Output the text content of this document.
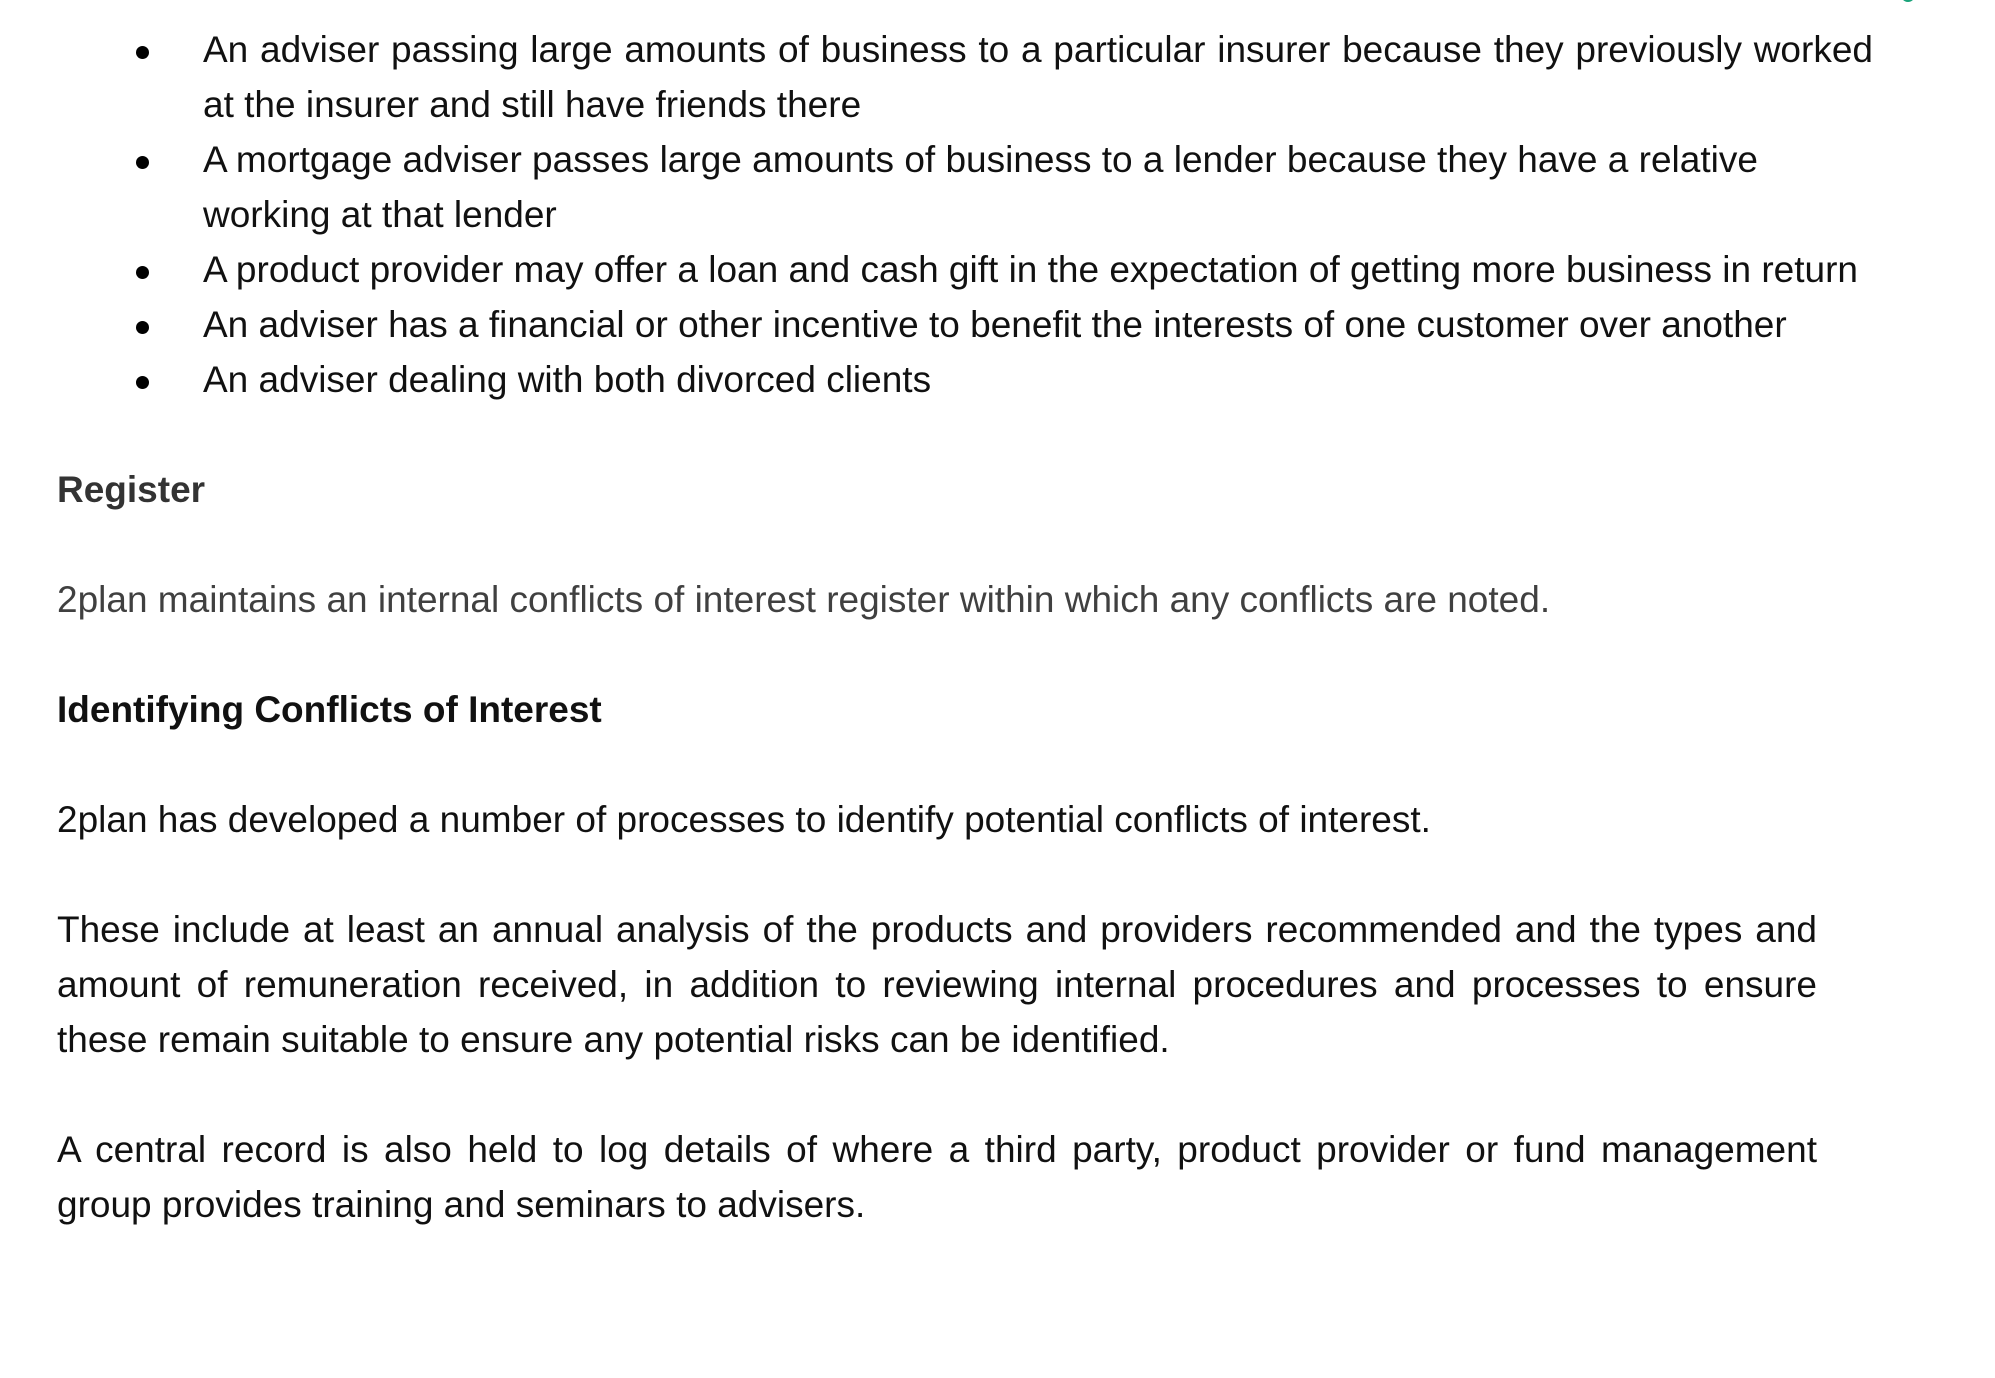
An adviser passing large amounts of business to a particular insurer because they previously worked at the insurer and still have friends there
A mortgage adviser passes large amounts of business to a lender because they have a relative working at that lender
A product provider may offer a loan and cash gift in the expectation of getting more business in return
An adviser has a financial or other incentive to benefit the interests of one customer over another
An adviser dealing with both divorced clients
Register

2plan maintains an internal conflicts of interest register within which any conflicts are noted.

Identifying Conflicts of Interest

2plan has developed a number of processes to identify potential conflicts of interest.

These include at least an annual analysis of the products and providers recommended and the types and amount of remuneration received, in addition to reviewing internal procedures and processes to ensure these remain suitable to ensure any potential risks can be identified.

A central record is also held to log details of where a third party, product provider or fund management group provides training and seminars to advisers.
